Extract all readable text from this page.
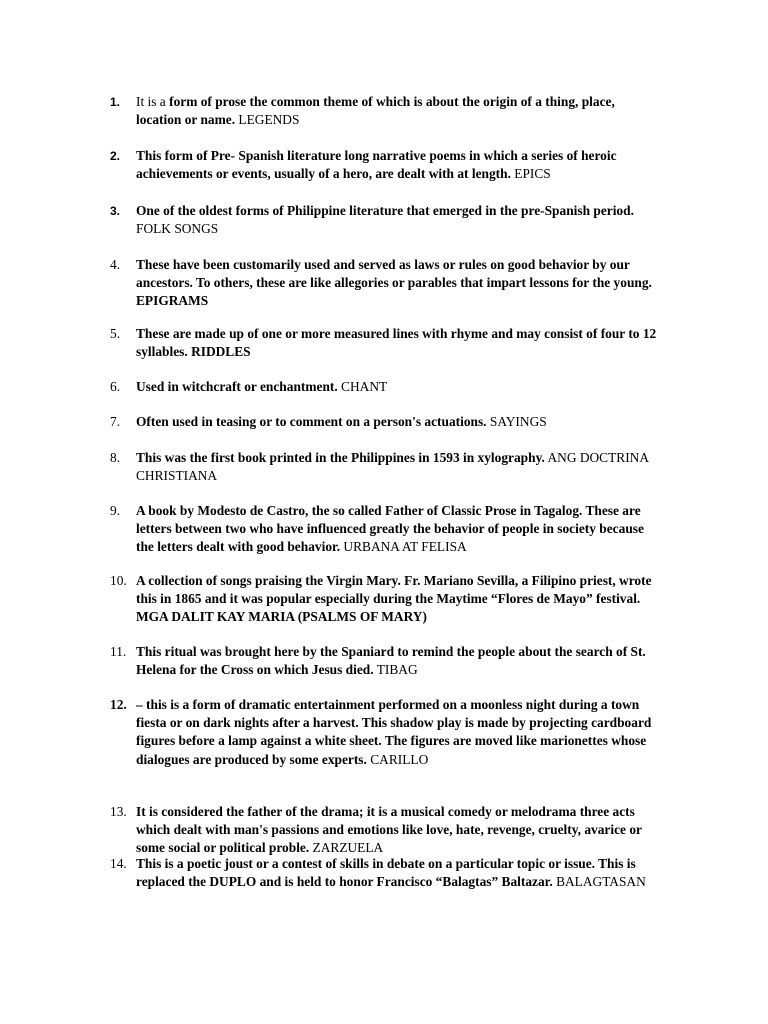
1. It is a form of prose the common theme of which is about the origin of a thing, place,
location or name. LEGENDS
2. This form of Pre- Spanish literature long narrative poems in which a series of heroic
achievements or events, usually of a hero, are dealt with at length. EPICS
3. One of the oldest forms of Philippine literature that emerged in the pre-Spanish period.
FOLK SONGS
4. These have been customarily used and served as laws or rules on good behavior by our
ancestors. To others, these are like allegories or parables that impart lessons for the young.
EPIGRAMS
5. These are made up of one or more measured lines with rhyme and may consist of four to 12
syllables. RIDDLES
6. Used in witchcraft or enchantment. CHANT
7. Often used in teasing or to comment on a person's actuations. SAYINGS
8. This was the first book printed in the Philippines in 1593 in xylography. ANG DOCTRINA
CHRISTIANA
9. A book by Modesto de Castro, the so called Father of Classic Prose in Tagalog. These are
letters between two who have influenced greatly the behavior of people in society because
the letters dealt with good behavior. URBANA AT FELISA
10. A collection of songs praising the Virgin Mary. Fr. Mariano Sevilla, a Filipino priest, wrote
this in 1865 and it was popular especially during the Maytime “Flores de Mayo” festival.
MGA DALIT KAY MARIA (PSALMS OF MARY)
11. This ritual was brought here by the Spaniard to remind the people about the search of St.
Helena for the Cross on which Jesus died. TIBAG
12. – this is a form of dramatic entertainment performed on a moonless night during a town
fiesta or on dark nights after a harvest. This shadow play is made by projecting cardboard
figures before a lamp against a white sheet. The figures are moved like marionettes whose
dialogues are produced by some experts. CARILLO
13. It is considered the father of the drama; it is a musical comedy or melodrama three acts
which dealt with man's passions and emotions like love, hate, revenge, cruelty, avarice or
some social or political proble. ZARZUELA
14. This is a poetic joust or a contest of skills in debate on a particular topic or issue. This is
replaced the DUPLO and is held to honor Francisco “Balagtas” Baltazar. BALAGTASAN
